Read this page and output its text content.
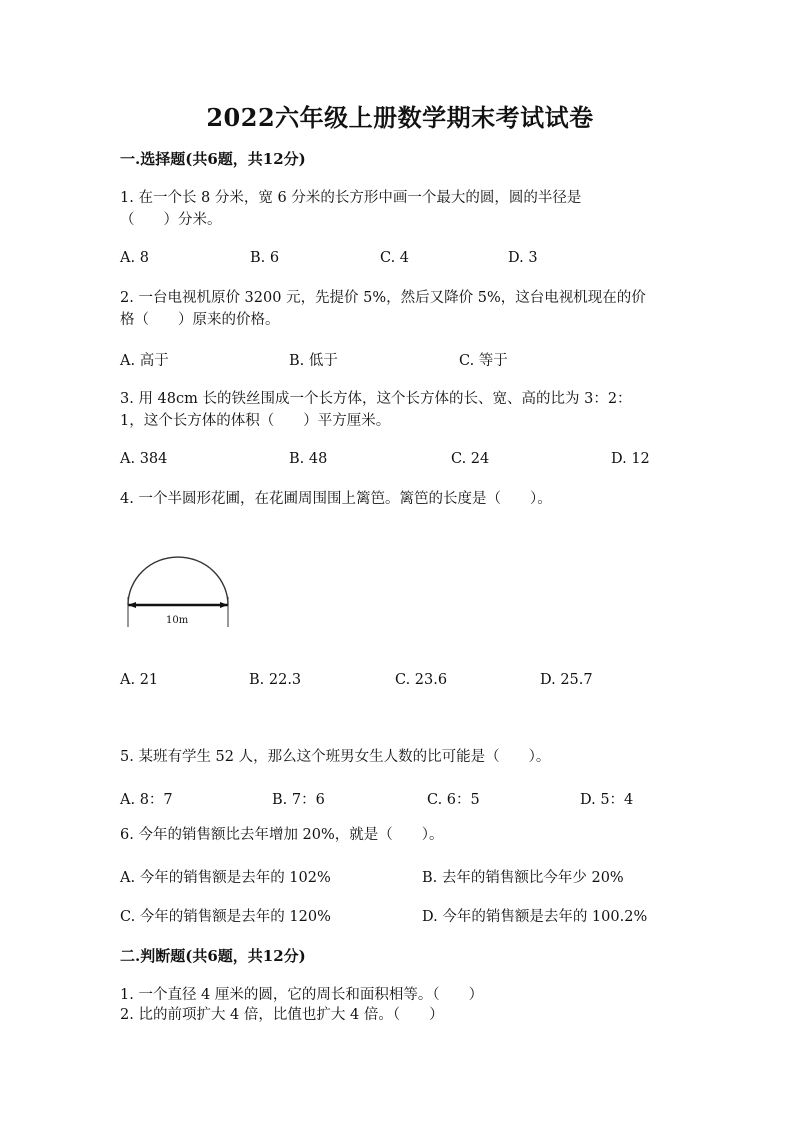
2022六年级上册数学期末考试试卷
一.选择题(共6题，共12分)
1. 在一个长 8 分米，宽 6 分米的长方形中画一个最大的圆，圆的半径是
（　　）分米。
A. 8	B. 6	C. 4	D. 3
2. 一台电视机原价 3200 元，先提价 5%，然后又降价 5%，这台电视机现在的价
格（　　）原来的价格。
A. 高于	B. 低于	C. 等于
3. 用 48cm 长的铁丝围成一个长方体，这个长方体的长、宽、高的比为 3：2：
1，这个长方体的体积（　　）平方厘米。
A. 384	B. 48	C. 24	D. 12
4. 一个半圆形花圃，在花圃周围围上篱笆。篱笆的长度是（　　）。
10m
A. 21	B. 22.3	C. 23.6	D. 25.7
5. 某班有学生 52 人，那么这个班男女生人数的比可能是（　　）。
A. 8：7	B. 7：6	C. 6：5	D. 5：4
6. 今年的销售额比去年增加 20%，就是（　　）。
A. 今年的销售额是去年的 102%	B. 去年的销售额比今年少 20%
C. 今年的销售额是去年的 120%	D. 今年的销售额是去年的 100.2%
二.判断题(共6题，共12分)
1. 一个直径 4 厘米的圆，它的周长和面积相等。（　　）
2. 比的前项扩大 4 倍，比值也扩大 4 倍。（　　）
